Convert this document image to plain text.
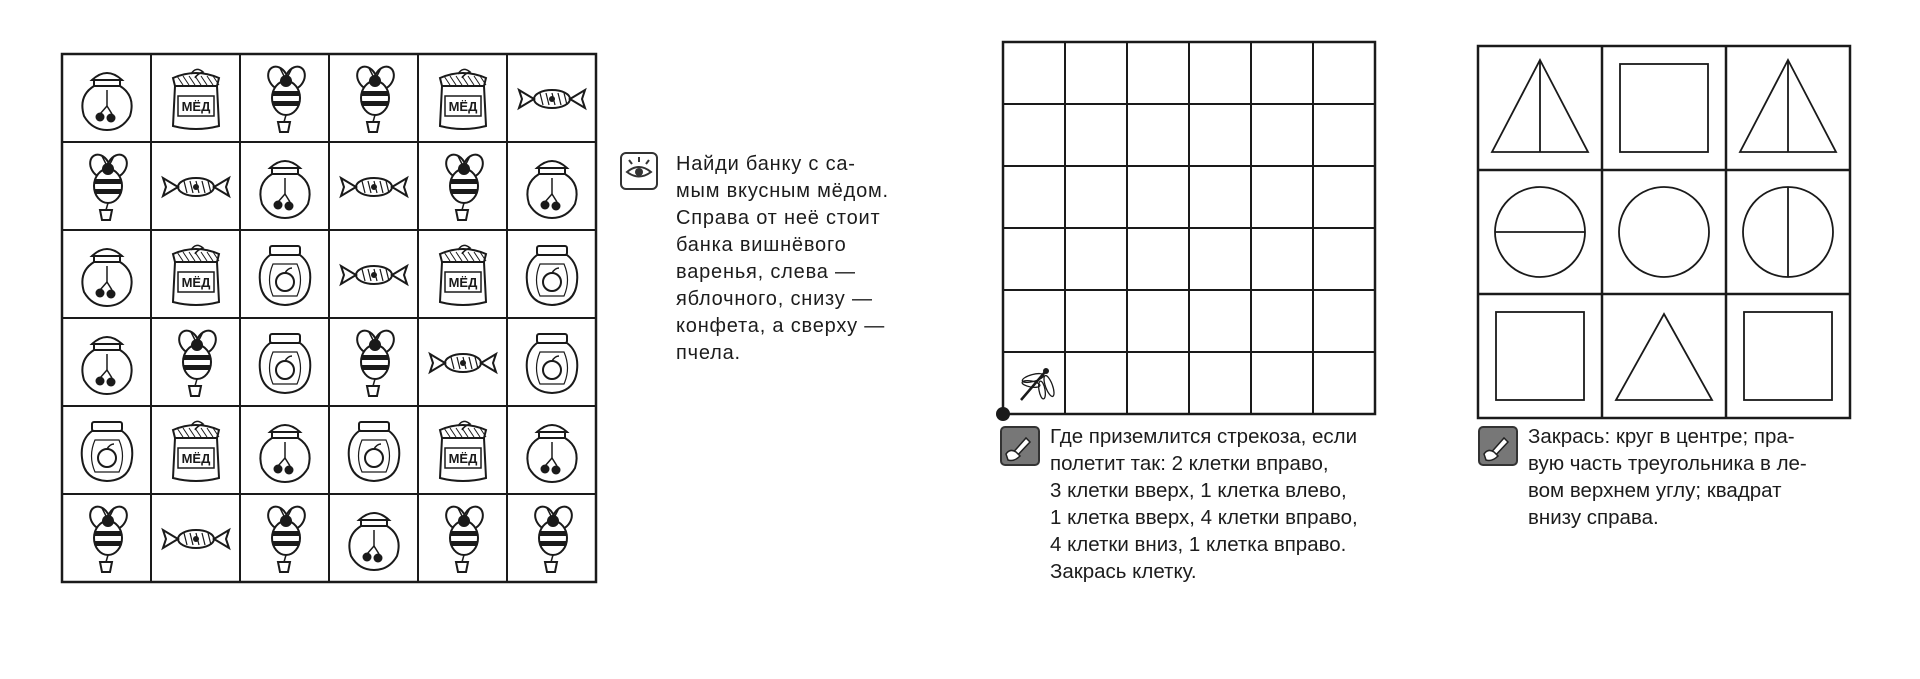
МЁД	МЁД
МЁД	МЁД
МЁД	МЁД
Найди банку с са-
мым вкусным мёдом.
Справа от неё стоит
банка вишнёвого
варенья, слева —
яблочного, снизу —
конфета, а сверху —
пчела.
Где приземлится стрекоза, если
полетит так: 2 клетки вправо,
3 клетки вверх, 1 клетка влево,
1 клетка вверх, 4 клетки вправо,
4 клетки вниз, 1 клетка вправо.
Закрась клетку.
Закрась: круг в центре; пра-
вую часть треугольника в ле-
вом верхнем углу; квадрат
внизу справа.
